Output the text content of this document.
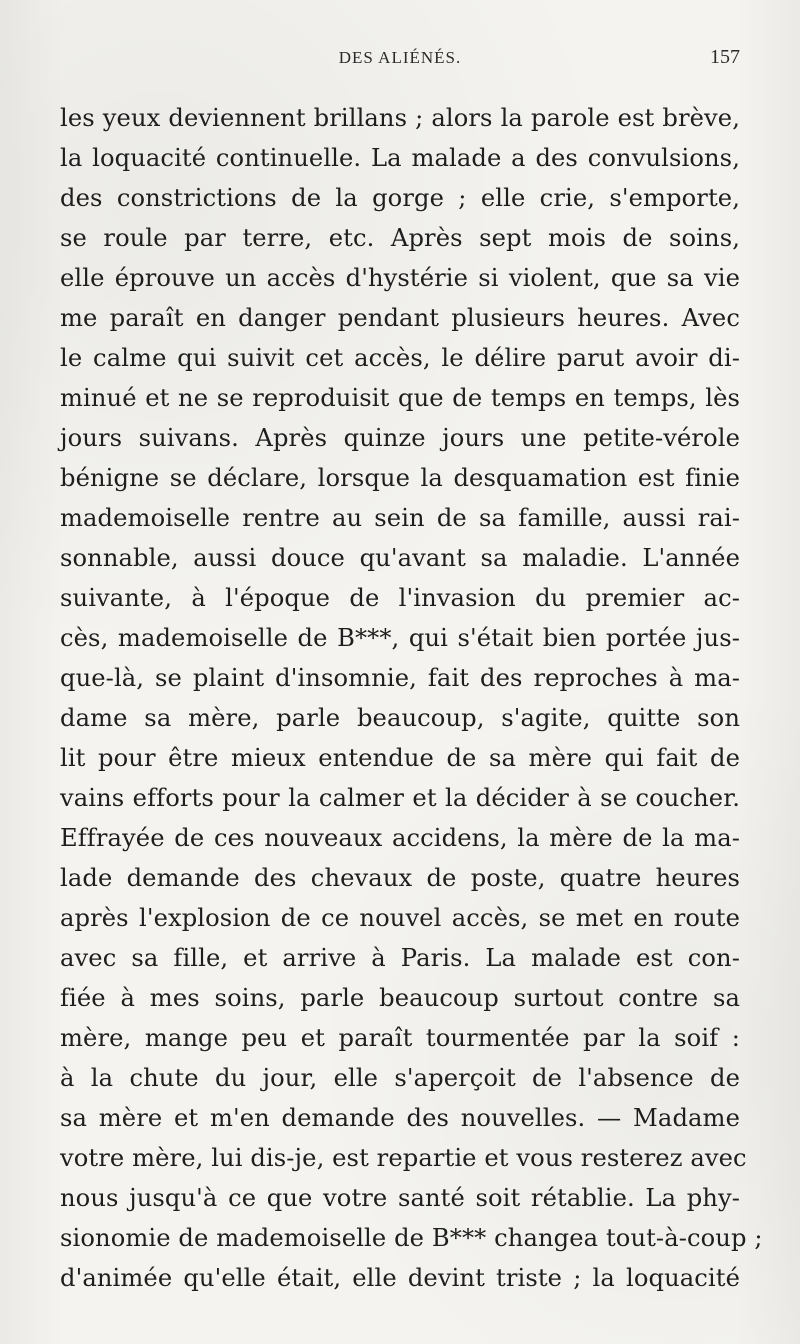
DES ALIÉNÉS.	157
les yeux deviennent brillans ; alors la parole est brève,
la loquacité continuelle. La malade a des convulsions,
des constrictions de la gorge ; elle crie, s'emporte,
se roule par terre, etc. Après sept mois de soins,
elle éprouve un accès d'hystérie si violent, que sa vie
me paraît en danger pendant plusieurs heures. Avec
le calme qui suivit cet accès, le délire parut avoir di-
minué et ne se reproduisit que de temps en temps, lès
jours suivans. Après quinze jours une petite-vérole
bénigne se déclare, lorsque la desquamation est finie
mademoiselle rentre au sein de sa famille, aussi rai-
sonnable, aussi douce qu'avant sa maladie. L'année
suivante, à l'époque de l'invasion du premier ac-
cès, mademoiselle de B***, qui s'était bien portée jus-
que-là, se plaint d'insomnie, fait des reproches à ma-
dame sa mère, parle beaucoup, s'agite, quitte son
lit pour être mieux entendue de sa mère qui fait de
vains efforts pour la calmer et la décider à se coucher.
Effrayée de ces nouveaux accidens, la mère de la ma-
lade demande des chevaux de poste, quatre heures
après l'explosion de ce nouvel accès, se met en route
avec sa fille, et arrive à Paris. La malade est con-
fiée à mes soins, parle beaucoup surtout contre sa
mère, mange peu et paraît tourmentée par la soif :
à la chute du jour, elle s'aperçoit de l'absence de
sa mère et m'en demande des nouvelles. — Madame
votre mère, lui dis-je, est repartie et vous resterez avec
nous jusqu'à ce que votre santé soit rétablie. La phy-
sionomie de mademoiselle de B*** changea tout-à-coup ;
d'animée qu'elle était, elle devint triste ; la loquacité
